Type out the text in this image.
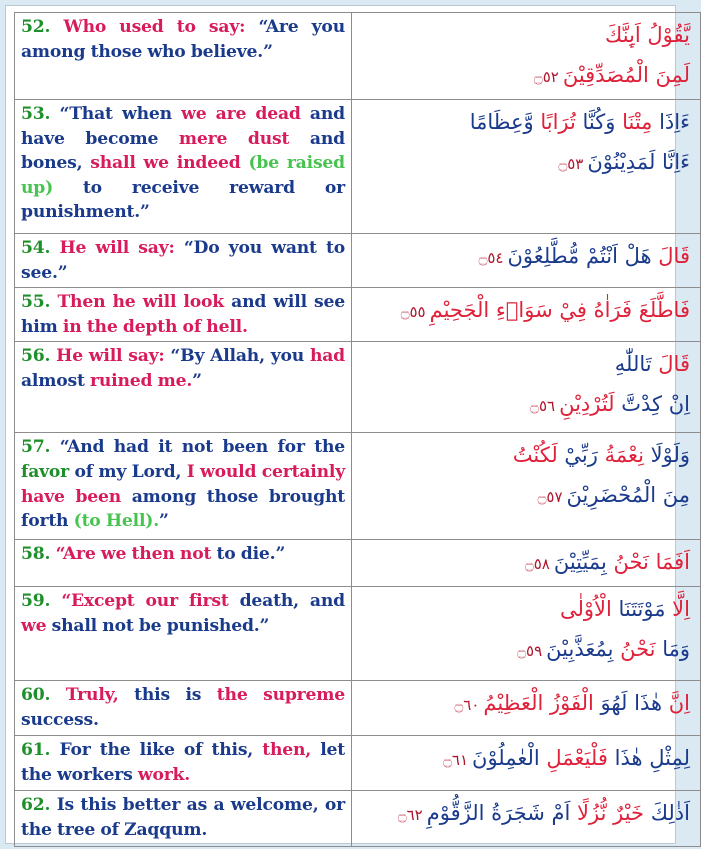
52. Who used to say: “Are you among those who believe.”	يَّقُوْلُ اَىِٕنَّكَ
لَمِنَ الْمُصَدِّقِيْنَ۝٥٢

53. “That when we are dead and have become mere dust and bones, shall we indeed (be raised up) to receive reward or punishment.”	ءَاِذَا مِتْنَا وَكُنَّا تُرَابًا وَّعِظَامًا
ءَاِنَّا لَمَدِيْنُوْنَ۝٥٣

54. He will say: “Do you want to see.”	قَالَ هَلْ اَنْتُمْ مُّطَّلِعُوْنَ۝٥٤

55. Then he will look and will see him in the depth of hell.	فَاطَّلَعَ فَرَاٰهُ فِيْ سَوَاۗءِ الْجَحِيْمِ۝٥٥

56. He will say: “By Allah, you had almost ruined me.”	قَالَ تَاللّٰهِ
اِنْ كِدْتَّ لَتُرْدِيْنِ۝٥٦

57. “And had it not been for the favor of my Lord, I would certainly have been among those brought forth (to Hell).”	وَلَوْلَا نِعْمَةُ رَبِّيْ لَكُنْتُ
مِنَ الْمُحْضَرِيْنَ۝٥٧

58. “Are we then not to die.”	اَفَمَا نَحْنُ بِمَيِّتِيْنَ۝٥٨

59. “Except our first death, and we shall not be punished.”	اِلَّا مَوْتَتَنَا الْاُوْلٰى
وَمَا نَحْنُ بِمُعَذَّبِيْنَ۝٥٩

60. Truly, this is the supreme success.	اِنَّ هٰذَا لَهُوَ الْفَوْزُ الْعَظِيْمُ۝٦٠

61. For the like of this, then, let the workers work.	لِمِثْلِ هٰذَا فَلْيَعْمَلِ الْعٰمِلُوْنَ۝٦١

62. Is this better as a welcome, or the tree of Zaqqum.	اَذٰلِكَ خَيْرٌ نُّزُلًا اَمْ شَجَرَةُ الزَّقُّوْمِ۝٦٢
